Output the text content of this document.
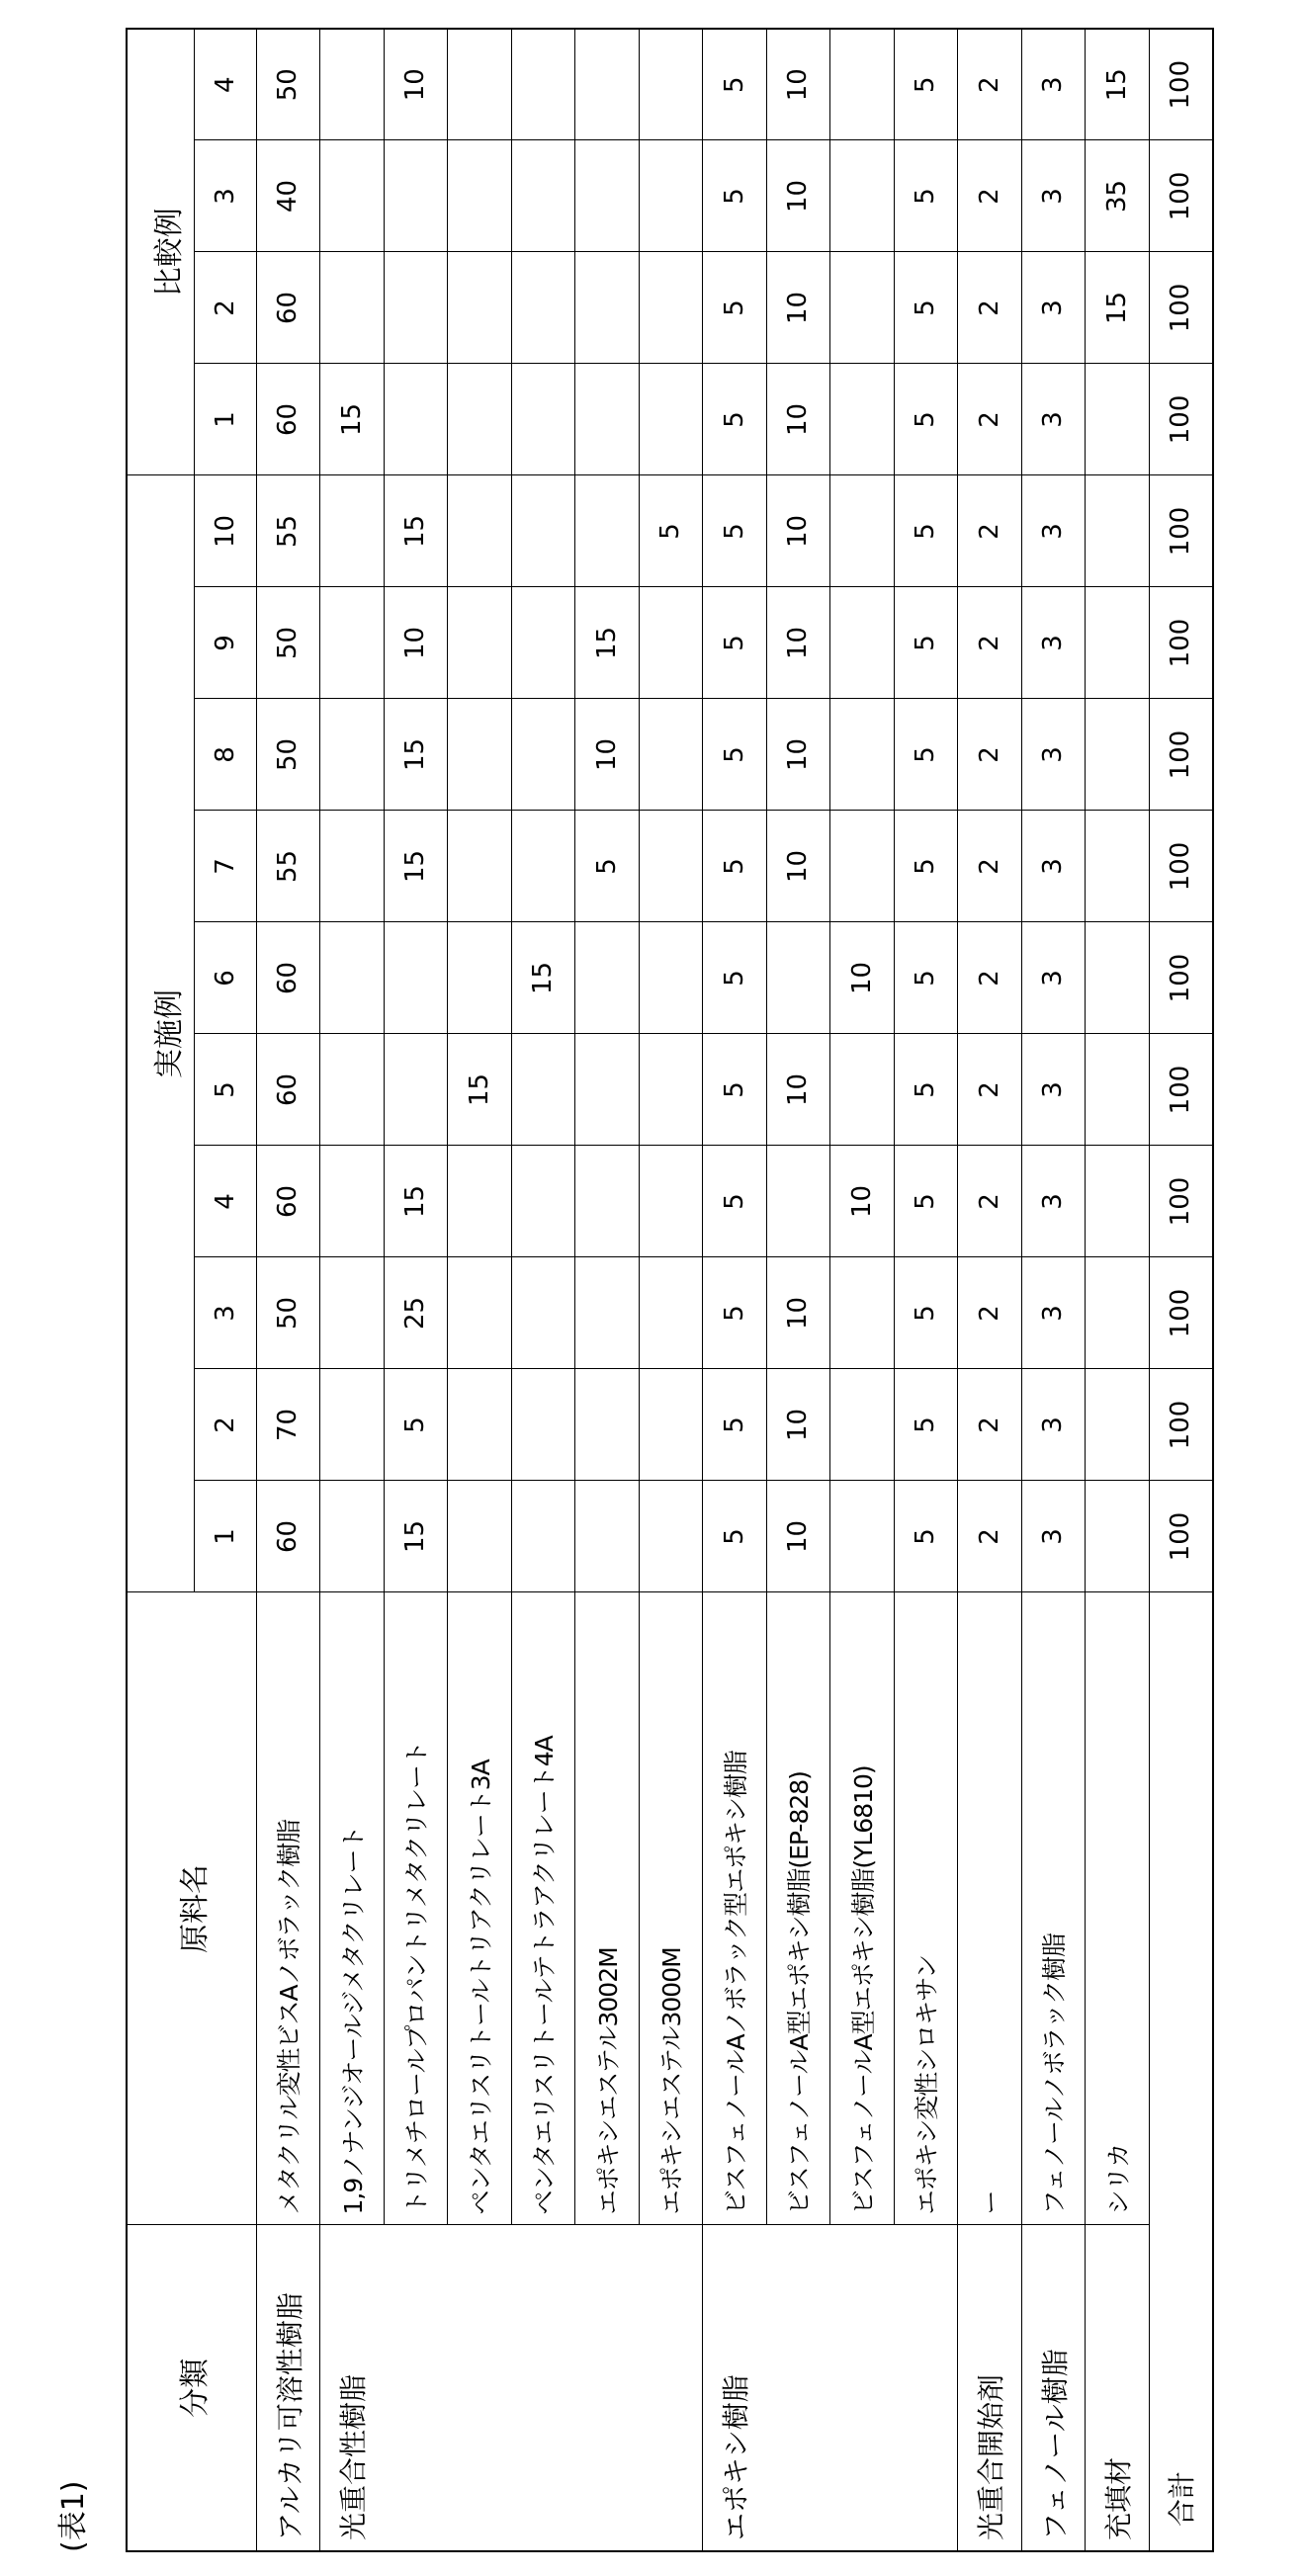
(表1)
分類	原料名	実施例	比較例
1	2	3	4	5	6	7	8	9	10	1	2	3	4
アルカリ可溶性樹脂	メタクリル変性ビスAノボラック樹脂	60	70	50	60	60	60	55	50	50	55	60	60	40	50
光重合性樹脂	1,9ノナンジオールジメタクリレート											15			
トリメチロールプロパントリメタクリレート	15	5	25	15			15	15	10	15				10
ペンタエリスリトールトリアクリレート3A					15									
ペンタエリスリトールテトラアクリレート4A						15								
エポキシエステル3002M							5	10	15					
エポキシエステル3000M										5				
エポキシ樹脂	ビスフェノールAノボラック型エポキシ樹脂	5	5	5	5	5	5	5	5	5	5	5	5	5	5
ビスフェノールA型エポキシ樹脂(EP-828)	10	10	10		10		10	10	10	10	10	10	10	10
ビスフェノールA型エポキシ樹脂(YL6810)				10		10								
エポキシ変性シロキサン	5	5	5	5	5	5	5	5	5	5	5	5	5	5
光重合開始剤	ー	2	2	2	2	2	2	2	2	2	2	2	2	2	2
フェノール樹脂	フェノールノボラック樹脂	3	3	3	3	3	3	3	3	3	3	3	3	3	3
充填材	シリカ												15	35	15
合計	100	100	100	100	100	100	100	100	100	100	100	100	100	100
